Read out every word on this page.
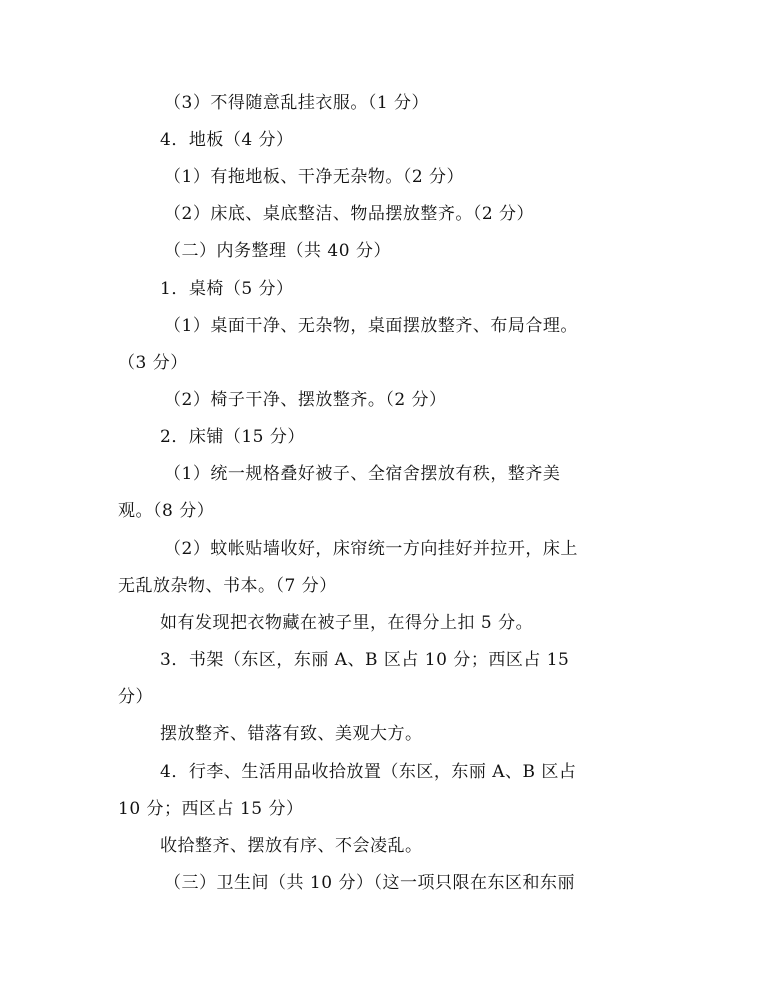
（3）不得随意乱挂衣服。（1 分）
4．地板（4 分）
（1）有拖地板、干净无杂物。（2 分）
（2）床底、桌底整洁、物品摆放整齐。（2 分）
（二）内务整理（共 40 分）
1．桌椅（5 分）
（1）桌面干净、无杂物，桌面摆放整齐、布局合理。
（3 分）
（2）椅子干净、摆放整齐。（2 分）
2．床铺（15 分）
（1）统一规格叠好被子、全宿舍摆放有秩，整齐美
观。（8 分）
（2）蚊帐贴墙收好，床帘统一方向挂好并拉开，床上
无乱放杂物、书本。（7 分）
如有发现把衣物藏在被子里，在得分上扣 5 分。
3．书架（东区，东丽 A、B 区占 10 分；西区占 15
分）
摆放整齐、错落有致、美观大方。
4．行李、生活用品收拾放置（东区，东丽 A、B 区占
10 分；西区占 15 分）
收拾整齐、摆放有序、不会凌乱。
（三）卫生间（共 10 分）（这一项只限在东区和东丽
